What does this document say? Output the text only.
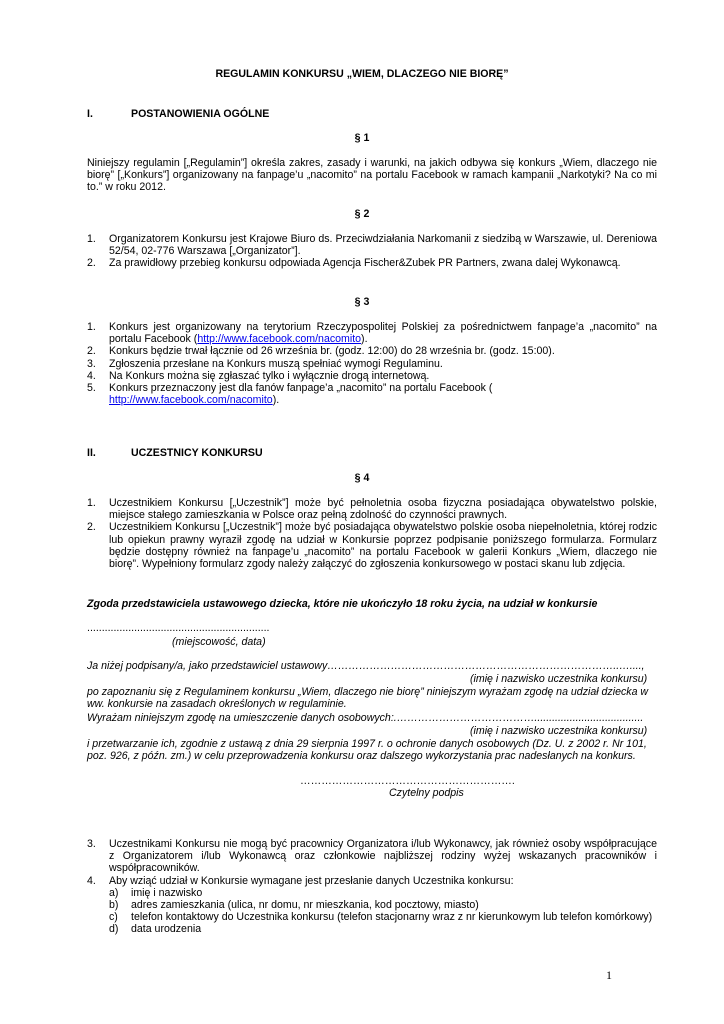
REGULAMIN KONKURSU „WIEM, DLACZEGO NIE BIORĘ”
I.	POSTANOWIENIA OGÓLNE
§ 1
Niniejszy regulamin [„Regulamin”] określa zakres, zasady i warunki, na jakich odbywa się konkurs „Wiem, dlaczego nie biorę” [„Konkurs”] organizowany na fanpage’u „nacomito” na portalu Facebook w ramach kampanii „Narkotyki? Na co mi to.” w roku 2012.
§ 2
1. Organizatorem Konkursu jest Krajowe Biuro ds. Przeciwdziałania Narkomanii z siedzibą w Warszawie, ul. Dereniowa 52/54, 02-776 Warszawa [„Organizator”].
2. Za prawidłowy przebieg konkursu odpowiada Agencja Fischer&Zubek PR Partners, zwana dalej Wykonawcą.
§ 3
1. Konkurs jest organizowany na terytorium Rzeczypospolitej Polskiej za pośrednictwem fanpage’a „nacomito” na portalu Facebook (http://www.facebook.com/nacomito).
2. Konkurs będzie trwał łącznie od 26 września br. (godz. 12:00) do 28 września br. (godz. 15:00).
3. Zgłoszenia przesłane na Konkurs muszą spełniać wymogi Regulaminu.
4. Na Konkurs można się zgłaszać tylko i wyłącznie drogą internetową.
5. Konkurs przeznaczony jest dla fanów fanpage’a „nacomito” na portalu Facebook (
http://www.facebook.com/nacomito).
II.	UCZESTNICY KONKURSU
§ 4
1. Uczestnikiem Konkursu [„Uczestnik”] może być pełnoletnia osoba fizyczna posiadająca obywatelstwo polskie, miejsce stałego zamieszkania w Polsce oraz pełną zdolność do czynności prawnych.
2. Uczestnikiem Konkursu [„Uczestnik”] może być posiadająca obywatelstwo polskie osoba niepełnoletnia, której rodzic lub opiekun prawny wyraził zgodę na udział w Konkursie poprzez podpisanie poniższego formularza. Formularz będzie dostępny również na fanpage’u „nacomito” na portalu Facebook w galerii Konkurs „Wiem, dlaczego nie biorę”. Wypełniony formularz zgody należy załączyć do zgłoszenia konkursowego w postaci skanu lub zdjęcia.
Zgoda przedstawiciela ustawowego dziecka, które nie ukończyło 18 roku życia, na udział w konkursie
..............................................................
(miejscowość, data)
Ja niżej podpisany/a, jako przedstawiciel ustawowy………………………………………………………………………..…....,
(imię i nazwisko uczestnika konkursu)
po zapoznaniu się z Regulaminem konkursu „Wiem, dlaczego nie biorę” niniejszym wyrażam zgodę na udział dziecka w ww. konkursie na zasadach określonych w regulaminie.
Wyrażam niniejszym zgodę na umieszczenie danych osobowych:.………………………………….....................................
(imię i nazwisko uczestnika konkursu)
i przetwarzanie ich, zgodnie z ustawą z dnia 29 sierpnia 1997 r. o ochronie danych osobowych (Dz. U. z 2002 r. Nr 101, poz. 926, z późn. zm.) w celu przeprowadzenia konkursu oraz dalszego wykorzystania prac nadesłanych na konkurs.
…………………………………………………….
Czytelny podpis
3. Uczestnikami Konkursu nie mogą być pracownicy Organizatora i/lub Wykonawcy, jak również osoby współpracujące z Organizatorem i/lub Wykonawcą oraz członkowie najbliższej rodziny wyżej wskazanych pracowników i współpracowników.
4. Aby wziąć udział w Konkursie wymagane jest przesłanie danych Uczestnika konkursu:
a) imię i nazwisko
b) adres zamieszkania (ulica, nr domu, nr mieszkania, kod pocztowy, miasto)
c) telefon kontaktowy do Uczestnika konkursu (telefon stacjonarny wraz z nr kierunkowym lub telefon komórkowy)
d) data urodzenia
1
